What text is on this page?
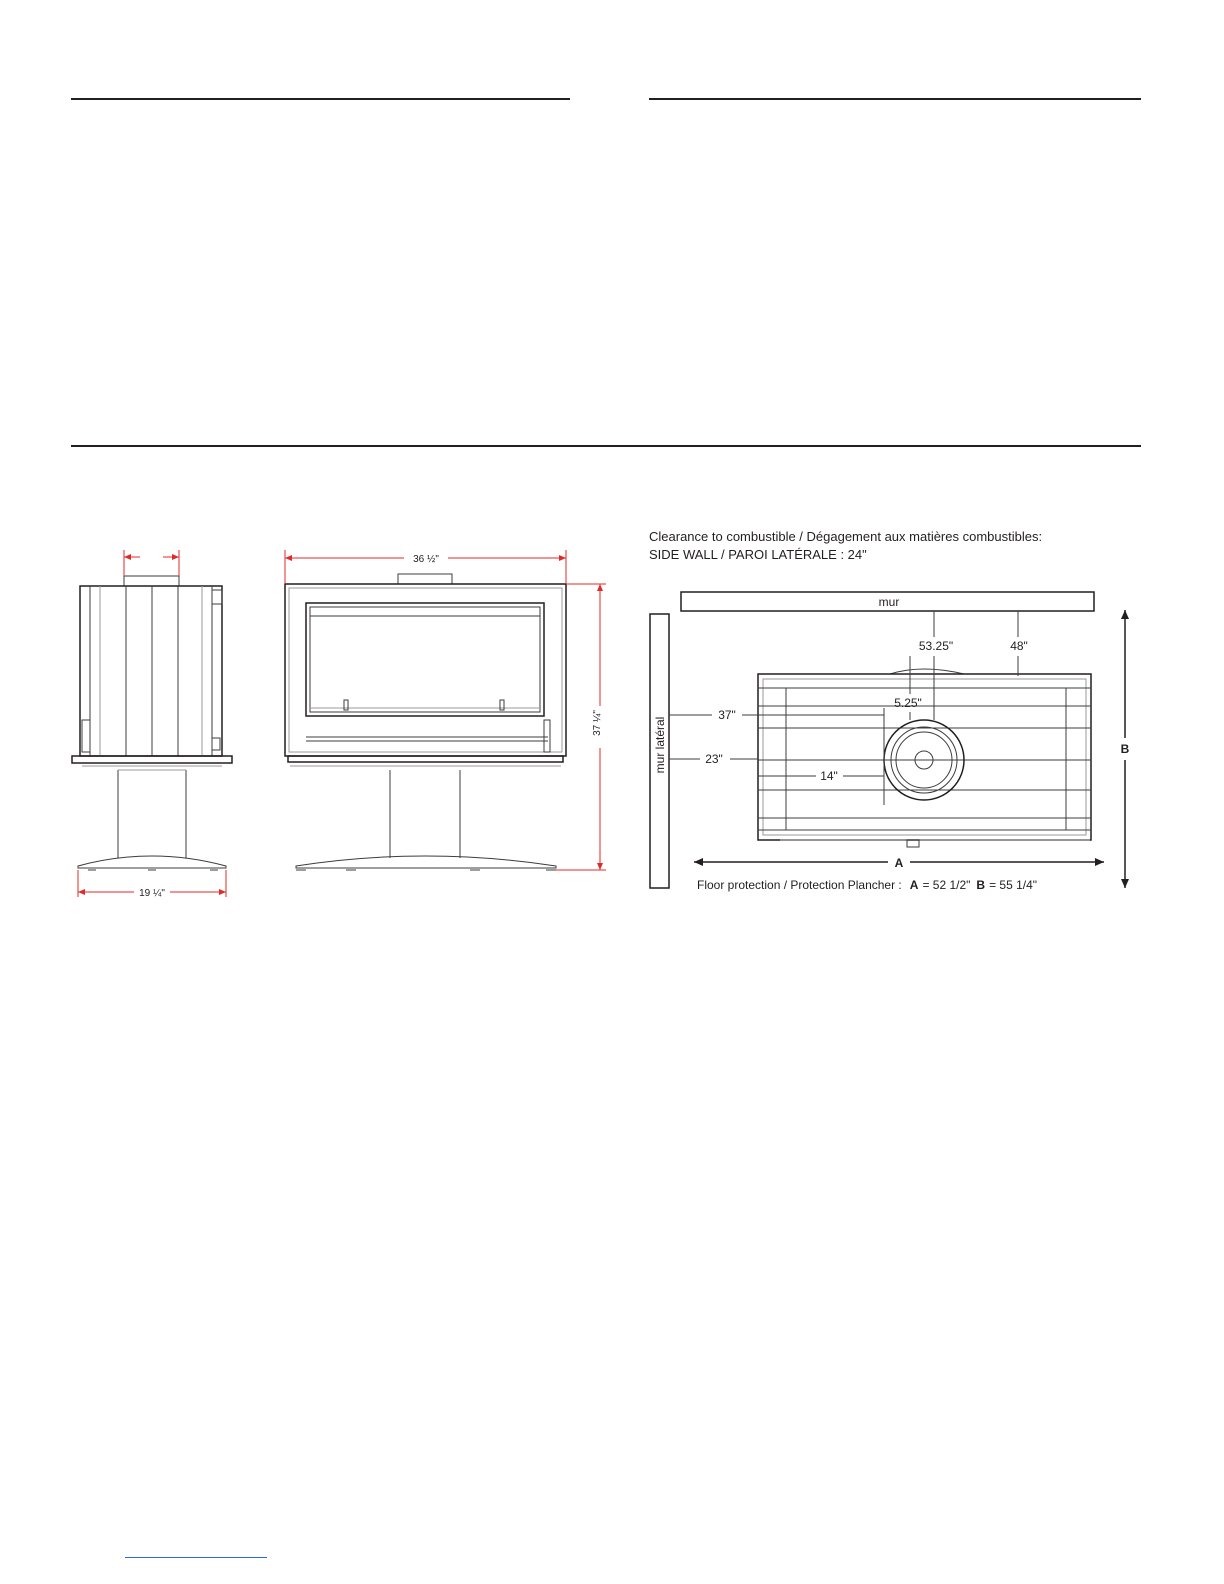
Clearance to combustible / Dégagement aux matières combustibles:
SIDE WALL / PAROI LATÉRALE : 24"
19 ¼"
36 ½"
37 ¼"
mur
mur latéral
53.25"	48"
5.25"
37"
23"
14"
A
B
Floor protection / Protection Plancher : A = 52 1/2" B = 55 1/4"
